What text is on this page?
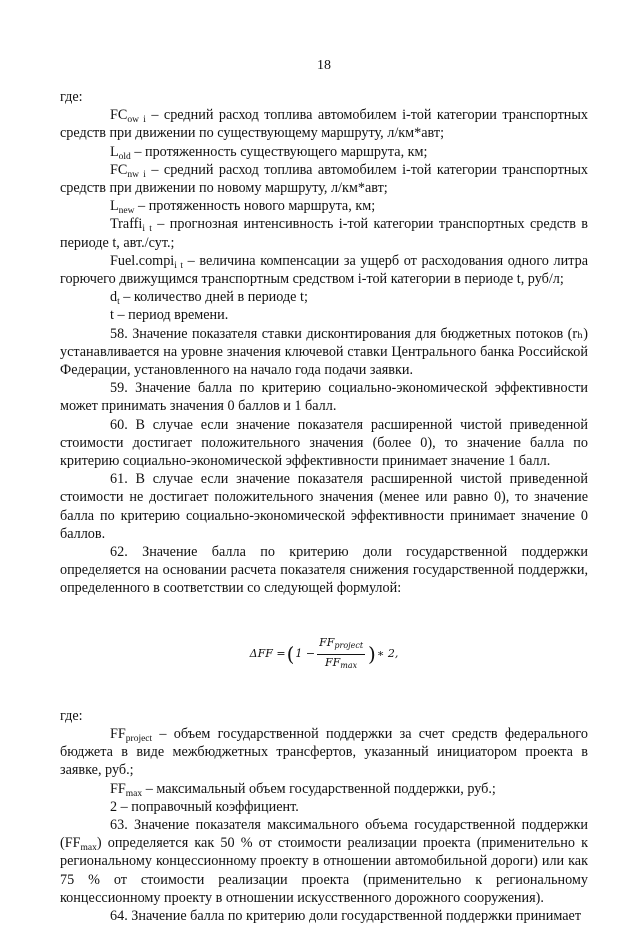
18

где:

$FC_{ow i}$ – средний расход топлива автомобилем i-той категории транспортных средств при движении по существующему маршруту, л/км*авт;

$L_{old}$ – протяженность существующего маршрута, км;

$FC_{nw i}$ – средний расход топлива автомобилем i-той категории транспортных средств при движении по новому маршруту, л/км*авт;

$L_{new}$ – протяженность нового маршрута, км;

Traffi$_{i t}$ – прогнозная интенсивность i-той категории транспортных средств в периоде t, авт./сут.;

Fuel.compi$_{i t}$ – величина компенсации за ущерб от расходования одного литра горючего движущимся транспортным средством i-той категории в периоде t, руб/л;

$d_t$ – количество дней в периоде t;

t – период времени.

58. Значение показателя ставки дисконтирования для бюджетных потоков (rₕ) устанавливается на уровне значения ключевой ставки Центрального банка Российской Федерации, установленного на начало года подачи заявки.

59. Значение балла по критерию социально-экономической эффективности может принимать значения 0 баллов и 1 балл.

60. В случае если значение показателя расширенной чистой приведенной стоимости достигает положительного значения (более 0), то значение балла по критерию социально-экономической эффективности принимает значение 1 балл.

61. В случае если значение показателя расширенной чистой приведенной стоимости не достигает положительного значения (менее или равно 0), то значение балла по критерию социально-экономической эффективности принимает значение 0 баллов.

62. Значение балла по критерию доли государственной поддержки определяется на основании расчета показателя снижения государственной поддержки, определенного в соответствии со следующей формулой:

ΔFF = ( $1 - \frac{\text{FFproject}}{FFmax}$ ) ∗ 2,

где:

$FF_{project}$ – объем государственной поддержки за счет средств федерального бюджета в виде межбюджетных трансфертов, указанный инициатором проекта в заявке, руб.;

$FF_{max}$ – максимальный объем государственной поддержки, руб.;

2 – поправочный коэффициент.

63. Значение показателя максимального объема государственной поддержки $(FF_{max})$ определяется как 50 % от стоимости реализации проекта (применительно к региональному концессионному проекту в отношении автомобильной дороги) или как 75 % от стоимости реализации проекта (применительно к региональному концессионному проекту в отношении искусственного дорожного сооружения).

64. Значение балла по критерию доли государственной поддержки принимает
